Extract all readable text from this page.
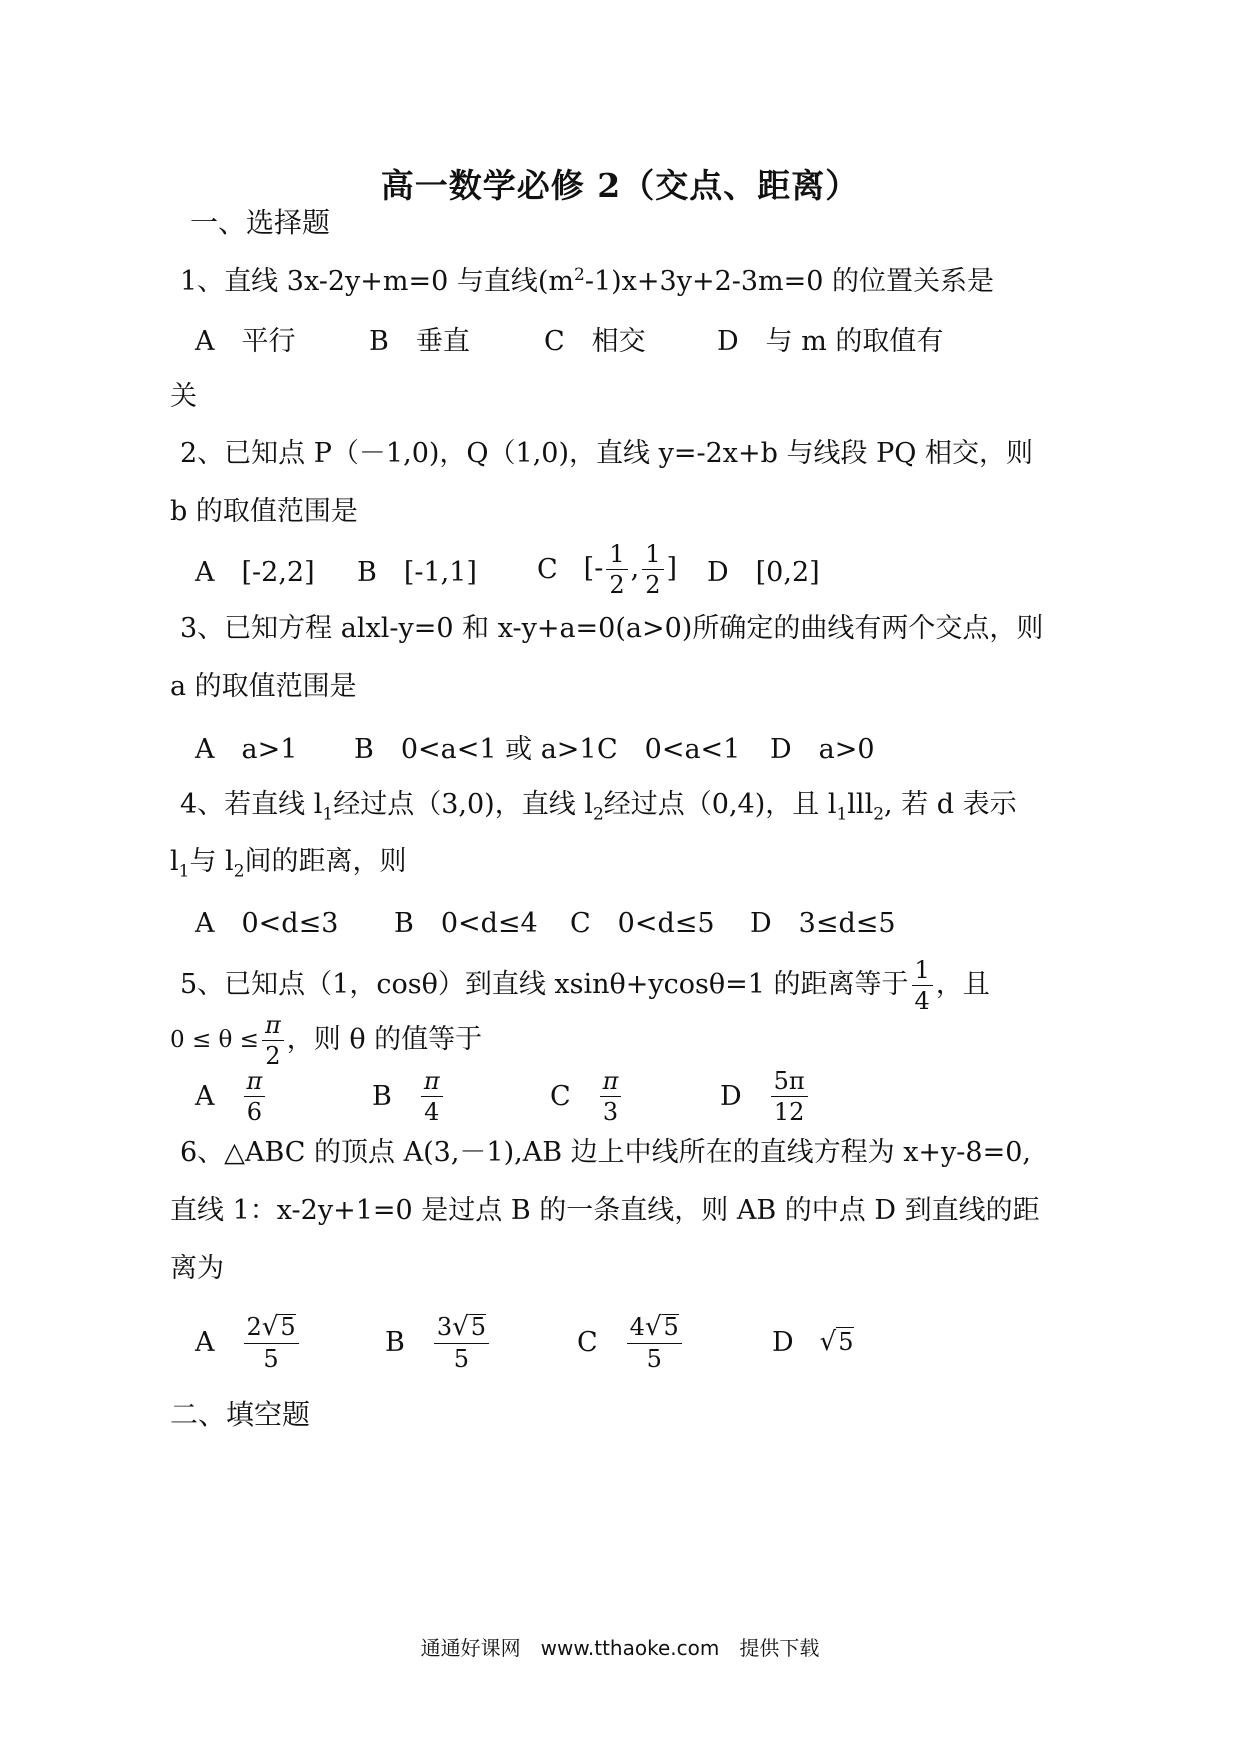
高一数学必修 2（交点、距离）
一、选择题
1、直线 3x-2y+m=0 与直线$(m^2-1)x+3y+2-3m=0$ 的位置关系是
A　平行	B　垂直	C　相交	D　与 m 的取值有
关
2、已知点 P（－1,0)，Q（1,0)，直线 y=-2x+b 与线段 PQ 相交，则
b 的取值范围是
A　[-2,2] B　[-1,1] C [- $\frac{1}{2}$ , $\frac{1}{2}$ ] D　[0,2]
3、已知方程 alxl-y=0 和 x-y+a=0(a>0)所确定的曲线有两个交点，则
a 的取值范围是
A　a>1 B　0<a<1 或 a>1 C　0<a<1 D　a>0
4、若直线 $l_1$经过点（3,0)，直线 $l_2$经过点（0,4)，且 $l_1lll_2$, 若 d 表示
$l_1$与 $l_2$间的距离，则
A　0<d≤3 B　0<d≤4 C　0<d≤5 D　3≤d≤5
5、已知点（1，cosθ）到直线 xsinθ+ycosθ=1 的距离等于 $\frac{1}{4}$ ，且
$0 \le \theta \le \frac{\pi}{2}$ ，则 θ 的值等于
A $\frac{\pi}{6}$	B $\frac{\pi}{4}$	C $\frac{\pi}{3}$	D $\frac{5\pi}{12}$
6、△ABC 的顶点 A(3,－1),AB 边上中线所在的直线方程为 x+y-8=0,
直线 1：x-2y+1=0 是过点 B 的一条直线，则 AB 的中点 D 到直线的距
离为
A $\frac{2 √ 5}{5}$	B $\frac{3 √ 5}{5}$	C $\frac{4 √ 5}{5}$	D √ 5
二、填空题
通通好课网　www.tthaoke.com　提供下载
